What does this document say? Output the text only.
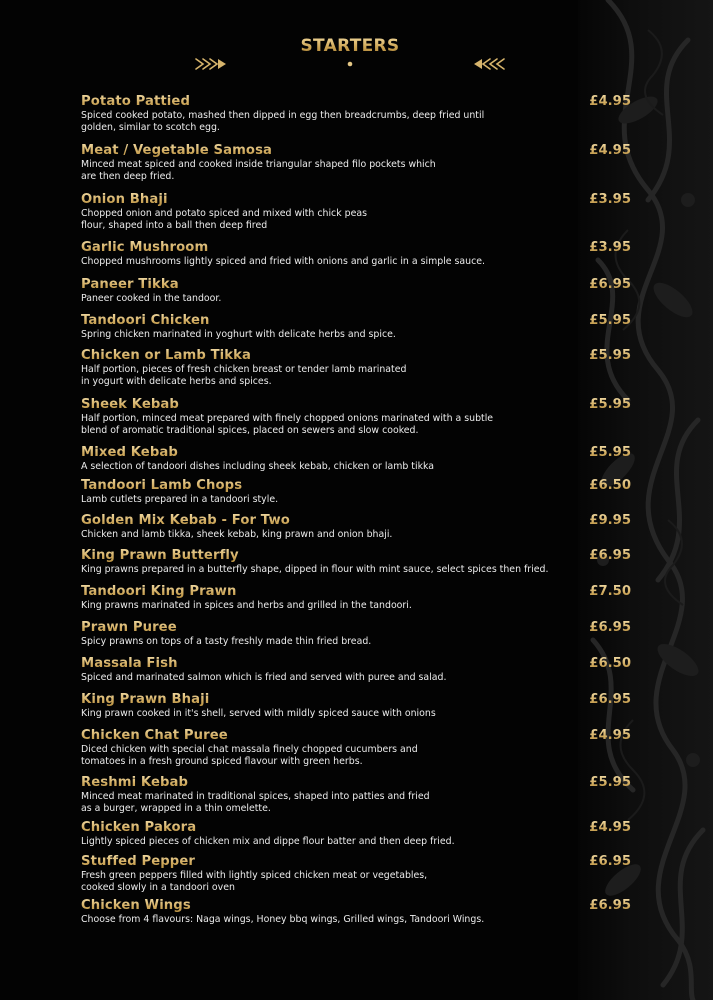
STARTERS
Potato Pattied	£4.95
Spiced cooked potato, mashed then dipped in egg then breadcrumbs, deep fried until
golden, similar to scotch egg.
Meat / Vegetable Samosa	£4.95
Minced meat spiced and cooked inside triangular shaped filo pockets which
are then deep fried.
Onion Bhaji	£3.95
Chopped onion and potato spiced and mixed with chick peas
flour, shaped into a ball then deep fired
Garlic Mushroom	£3.95
Chopped mushrooms lightly spiced and fried with onions and garlic in a simple sauce.
Paneer Tikka	£6.95
Paneer cooked in the tandoor.
Tandoori Chicken	£5.95
Spring chicken marinated in yoghurt with delicate herbs and spice.
Chicken or Lamb Tikka	£5.95
Half portion, pieces of fresh chicken breast or tender lamb marinated
in yogurt with delicate herbs and spices.
Sheek Kebab	£5.95
Half portion, minced meat prepared with finely chopped onions marinated with a subtle
blend of aromatic traditional spices, placed on sewers and slow cooked.
Mixed Kebab	£5.95
A selection of tandoori dishes including sheek kebab, chicken or lamb tikka
Tandoori Lamb Chops	£6.50
Lamb cutlets prepared in a tandoori style.
Golden Mix Kebab - For Two	£9.95
Chicken and lamb tikka, sheek kebab, king prawn and onion bhaji.
King Prawn Butterfly	£6.95
King prawns prepared in a butterfly shape, dipped in flour with mint sauce, select spices then fried.
Tandoori King Prawn	£7.50
King prawns marinated in spices and herbs and grilled in the tandoori.
Prawn Puree	£6.95
Spicy prawns on tops of a tasty freshly made thin fried bread.
Massala Fish	£6.50
Spiced and marinated salmon which is fried and served with puree and salad.
King Prawn Bhaji	£6.95
King prawn cooked in it's shell, served with mildly spiced sauce with onions
Chicken Chat Puree	£4.95
Diced chicken with special chat massala finely chopped cucumbers and
tomatoes in a fresh ground spiced flavour with green herbs.
Reshmi Kebab	£5.95
Minced meat marinated in traditional spices, shaped into patties and fried
as a burger, wrapped in a thin omelette.
Chicken Pakora	£4.95
Lightly spiced pieces of chicken mix and dippe flour batter and then deep fried.
Stuffed Pepper	£6.95
Fresh green peppers filled with lightly spiced chicken meat or vegetables,
cooked slowly in a tandoori oven
Chicken Wings	£6.95
Choose from 4 flavours: Naga wings, Honey bbq wings, Grilled wings, Tandoori Wings.
